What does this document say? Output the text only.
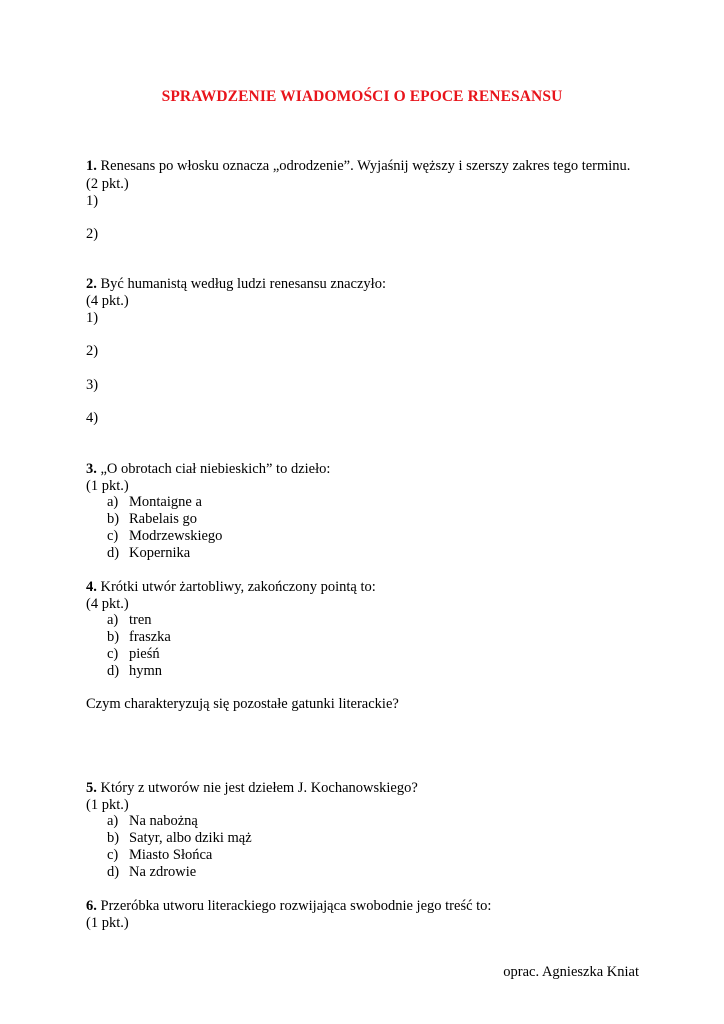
SPRAWDZENIE WIADOMOŚCI O EPOCE RENESANSU
1. Renesans po włosku oznacza „odrodzenie”. Wyjaśnij węższy i szerszy zakres tego terminu.
(2 pkt.)
1)
2)
2. Być humanistą według ludzi renesansu znaczyło:
(4 pkt.)
1)
2)
3)
4)
3. „O obrotach ciał niebieskich” to dzieło:
(1 pkt.)
a) Montaigne a
b) Rabelais go
c) Modrzewskiego
d) Kopernika
4. Krótki utwór żartobliwy, zakończony pointą to:
(4 pkt.)
a) tren
b) fraszka
c) pieśń
d) hymn
Czym charakteryzują się pozostałe gatunki literackie?
5. Który z utworów nie jest dziełem J. Kochanowskiego?
(1 pkt.)
a) Na nabożną
b) Satyr, albo dziki mąż
c) Miasto Słońca
d) Na zdrowie
6. Przeróbka utworu literackiego rozwijająca swobodnie jego treść to:
(1 pkt.)
oprac. Agnieszka Kniat
